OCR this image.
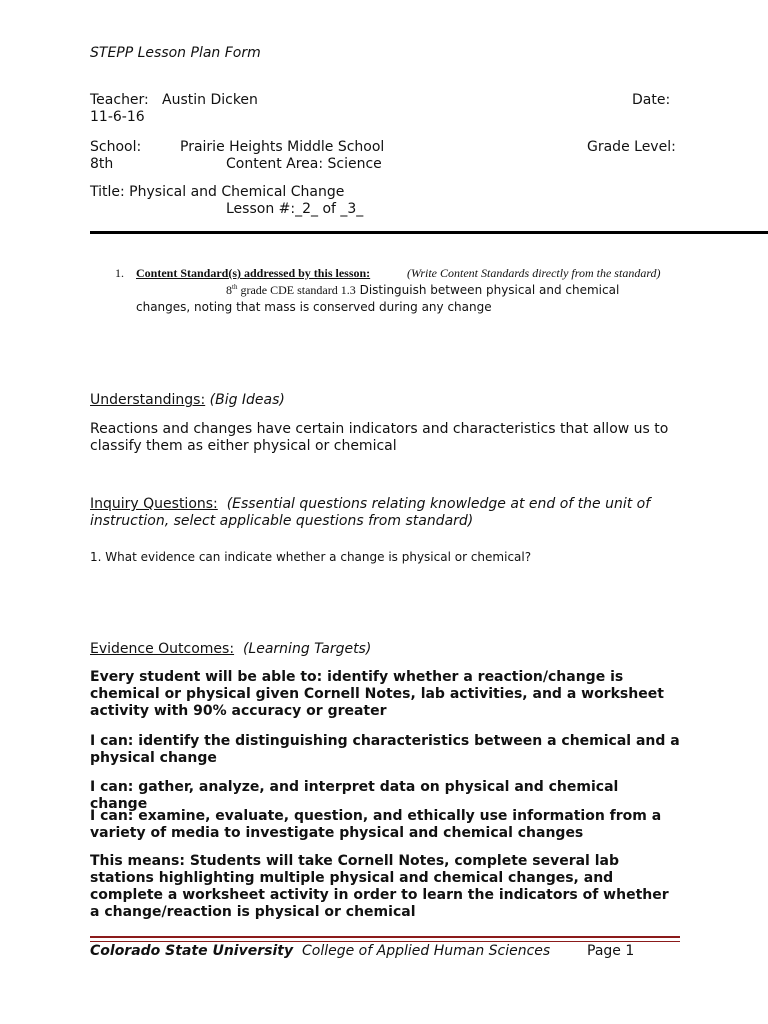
STEPP Lesson Plan Form
Teacher: Austin Dicken	Date:
11-6-16
School:	Prairie Heights Middle School	Grade Level:
8th	Content Area: Science
Title: Physical and Chemical Change
Lesson #:_2_ of _3_
1. Content Standard(s) addressed by this lesson:	(Write Content Standards directly from the standard)
8th grade CDE standard 1.3 Distinguish between physical and chemical
changes, noting that mass is conserved during any change
Understandings: (Big Ideas)
Reactions and changes have certain indicators and characteristics that allow us to classify them as either physical or chemical
Inquiry Questions: (Essential questions relating knowledge at end of the unit of instruction, select applicable questions from standard)
1. What evidence can indicate whether a change is physical or chemical?
Evidence Outcomes: (Learning Targets)
Every student will be able to: identify whether a reaction/change is chemical or physical given Cornell Notes, lab activities, and a worksheet activity with 90% accuracy or greater
I can: identify the distinguishing characteristics between a chemical and a physical change
I can: gather, analyze, and interpret data on physical and chemical change
I can: examine, evaluate, question, and ethically use information from a variety of media to investigate physical and chemical changes
This means: Students will take Cornell Notes, complete several lab stations highlighting multiple physical and chemical changes, and complete a worksheet activity in order to learn the indicators of whether a change/reaction is physical or chemical
Colorado State University College of Applied Human Sciences	Page 1
